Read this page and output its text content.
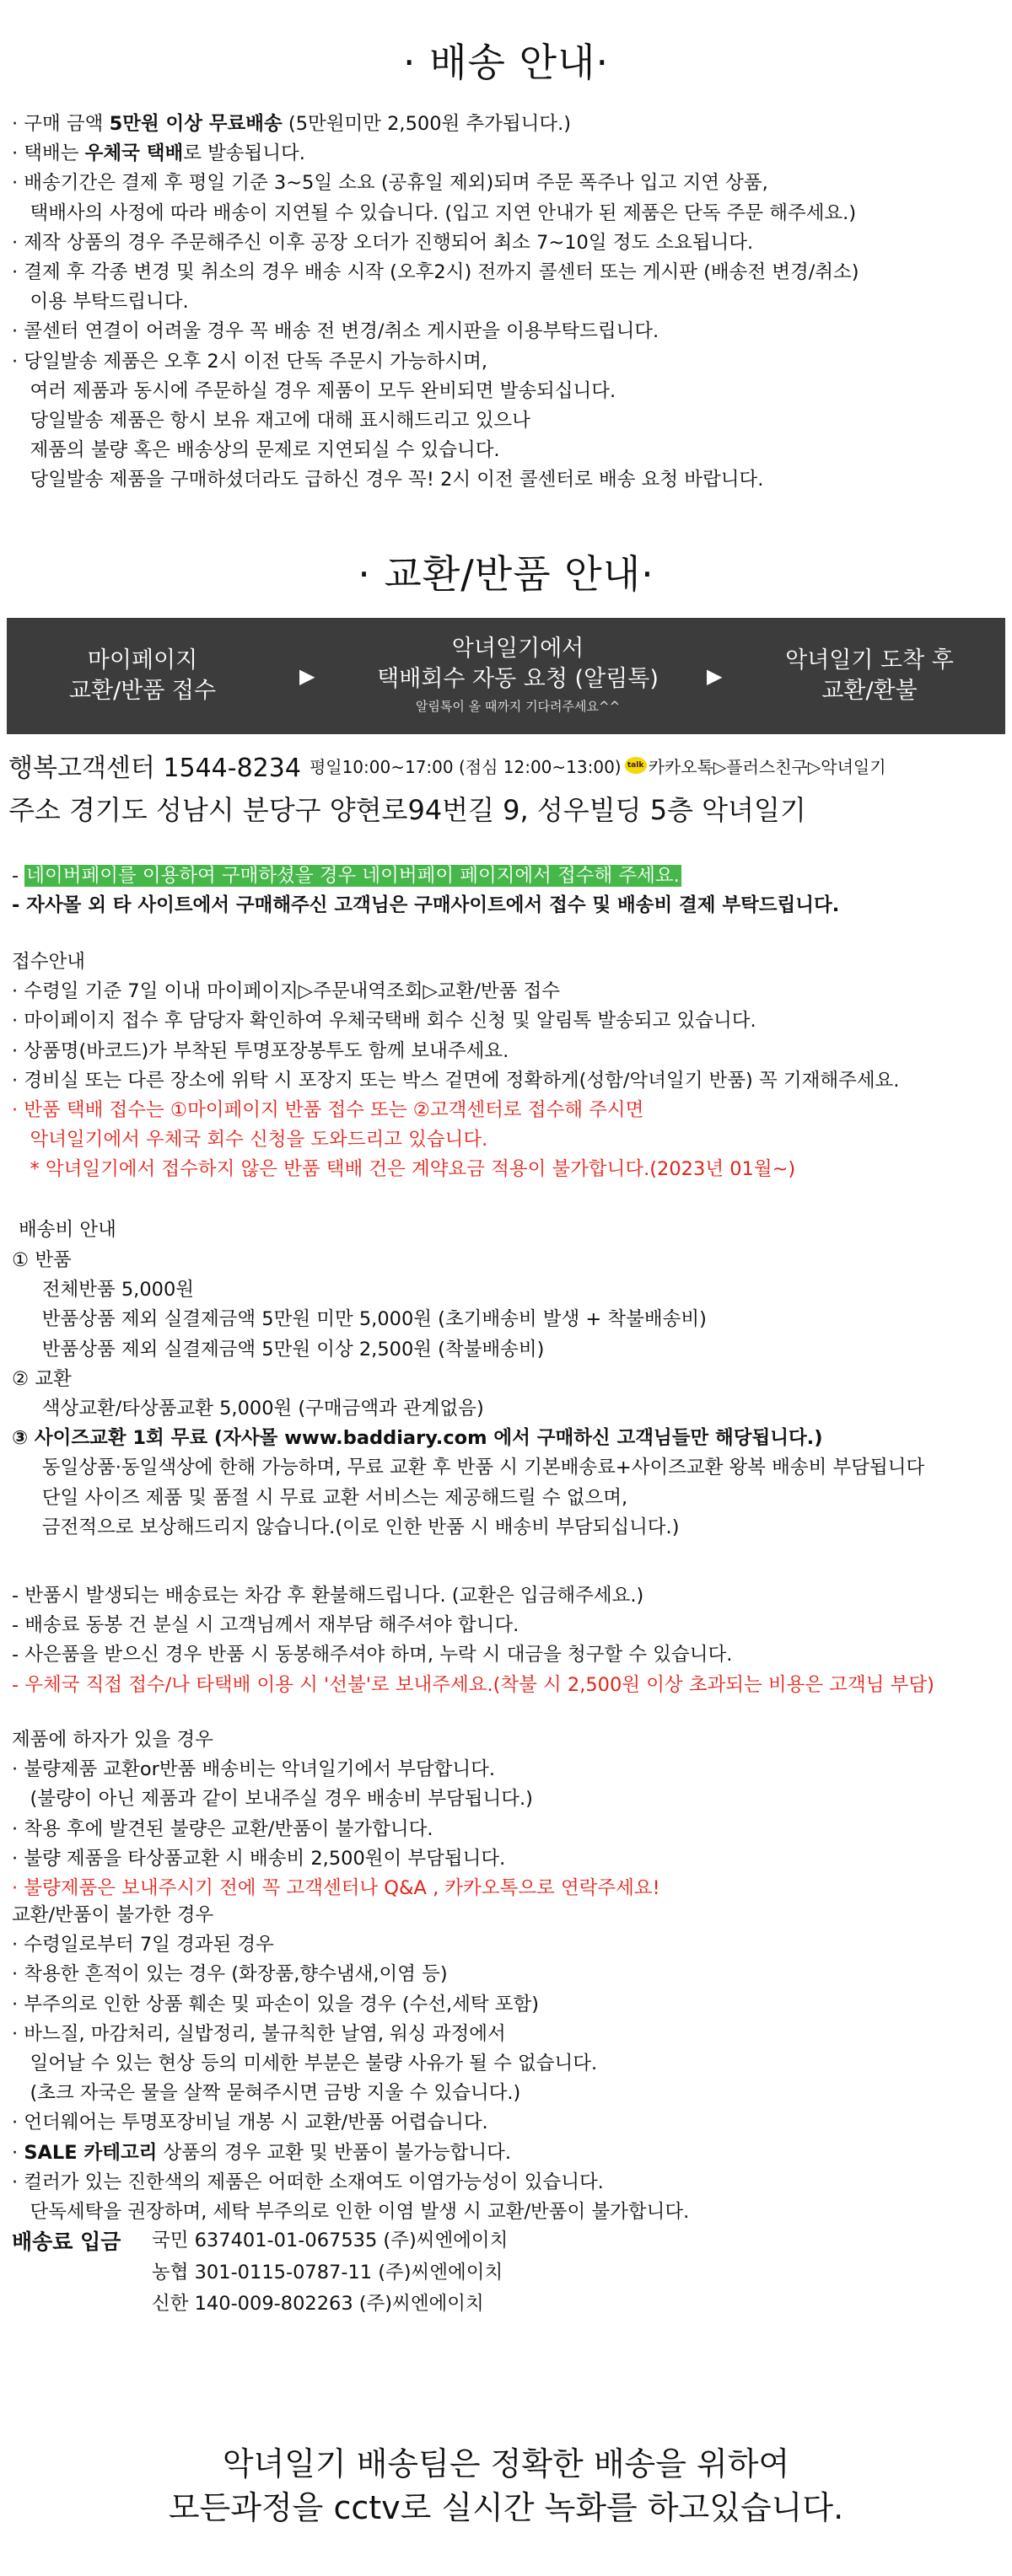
· 배송 안내·
· 구매 금액 5만원 이상 무료배송 (5만원미만 2,500원 추가됩니다.)
· 택배는 우체국 택배로 발송됩니다.
· 배송기간은 결제 후 평일 기준 3~5일 소요 (공휴일 제외)되며 주문 폭주나 입고 지연 상품,
택배사의 사정에 따라 배송이 지연될 수 있습니다. (입고 지연 안내가 된 제품은 단독 주문 해주세요.)
· 제작 상품의 경우 주문해주신 이후 공장 오더가 진행되어 최소 7~10일 정도 소요됩니다.
· 결제 후 각종 변경 및 취소의 경우 배송 시작 (오후2시) 전까지 콜센터 또는 게시판 (배송전 변경/취소)
이용 부탁드립니다.
· 콜센터 연결이 어려울 경우 꼭 배송 전 변경/취소 게시판을 이용부탁드립니다.
· 당일발송 제품은 오후 2시 이전 단독 주문시 가능하시며,
여러 제품과 동시에 주문하실 경우 제품이 모두 완비되면 발송되십니다.
당일발송 제품은 항시 보유 재고에 대해 표시해드리고 있으나
제품의 불량 혹은 배송상의 문제로 지연되실 수 있습니다.
당일발송 제품을 구매하셨더라도 급하신 경우 꼭! 2시 이전 콜센터로 배송 요청 바랍니다.
· 교환/반품 안내·
마이페이지
교환/반품 접수
▶
악녀일기에서
택배회수 자동 요청 (알림톡)
알림톡이 올 때까지 기다려주세요^^
▶
악녀일기 도착 후
교환/환불
행복고객센터 1544-8234 평일10:00~17:00 (점심 12:00~13:00) talk 카카오톡▷플러스친구▷악녀일기
주소 경기도 성남시 분당구 양현로94번길 9, 성우빌딩 5층 악녀일기
- 네이버페이를 이용하여 구매하셨을 경우 네이버페이 페이지에서 접수해 주세요.
- 자사몰 외 타 사이트에서 구매해주신 고객님은 구매사이트에서 접수 및 배송비 결제 부탁드립니다.
접수안내
· 수령일 기준 7일 이내 마이페이지▷주문내역조회▷교환/반품 접수
· 마이페이지 접수 후 담당자 확인하여 우체국택배 회수 신청 및 알림톡 발송되고 있습니다.
· 상품명(바코드)가 부착된 투명포장봉투도 함께 보내주세요.
· 경비실 또는 다른 장소에 위탁 시 포장지 또는 박스 겉면에 정확하게(성함/악녀일기 반품) 꼭 기재해주세요.
· 반품 택배 접수는 ①마이페이지 반품 접수 또는 ②고객센터로 접수해 주시면
악녀일기에서 우체국 회수 신청을 도와드리고 있습니다.
* 악녀일기에서 접수하지 않은 반품 택배 건은 계약요금 적용이 불가합니다.(2023년 01월~)
배송비 안내
① 반품
전체반품 5,000원
반품상품 제외 실결제금액 5만원 미만 5,000원 (초기배송비 발생 + 착불배송비)
반품상품 제외 실결제금액 5만원 이상 2,500원 (착불배송비)
② 교환
색상교환/타상품교환 5,000원 (구매금액과 관계없음)
③ 사이즈교환 1회 무료 (자사몰 www.baddiary.com 에서 구매하신 고객님들만 해당됩니다.)
동일상품·동일색상에 한해 가능하며, 무료 교환 후 반품 시 기본배송료+사이즈교환 왕복 배송비 부담됩니다
단일 사이즈 제품 및 품절 시 무료 교환 서비스는 제공해드릴 수 없으며,
금전적으로 보상해드리지 않습니다.(이로 인한 반품 시 배송비 부담되십니다.)
- 반품시 발생되는 배송료는 차감 후 환불해드립니다. (교환은 입금해주세요.)
- 배송료 동봉 건 분실 시 고객님께서 재부담 해주셔야 합니다.
- 사은품을 받으신 경우 반품 시 동봉해주셔야 하며, 누락 시 대금을 청구할 수 있습니다.
- 우체국 직접 접수/나 타택배 이용 시 '선불'로 보내주세요.(착불 시 2,500원 이상 초과되는 비용은 고객님 부담)
제품에 하자가 있을 경우
· 불량제품 교환or반품 배송비는 악녀일기에서 부담합니다.
(불량이 아닌 제품과 같이 보내주실 경우 배송비 부담됩니다.)
· 착용 후에 발견된 불량은 교환/반품이 불가합니다.
· 불량 제품을 타상품교환 시 배송비 2,500원이 부담됩니다.
· 불량제품은 보내주시기 전에 꼭 고객센터나 Q&A , 카카오톡으로 연락주세요!
교환/반품이 불가한 경우
· 수령일로부터 7일 경과된 경우
· 착용한 흔적이 있는 경우 (화장품,향수냄새,이염 등)
· 부주의로 인한 상품 훼손 및 파손이 있을 경우 (수선,세탁 포함)
· 바느질, 마감처리, 실밥정리, 불규칙한 날염, 워싱 과정에서
일어날 수 있는 현상 등의 미세한 부분은 불량 사유가 될 수 없습니다.
(초크 자국은 물을 살짝 묻혀주시면 금방 지울 수 있습니다.)
· 언더웨어는 투명포장비닐 개봉 시 교환/반품 어렵습니다.
· SALE 카테고리 상품의 경우 교환 및 반품이 불가능합니다.
· 컬러가 있는 진한색의 제품은 어떠한 소재여도 이염가능성이 있습니다.
단독세탁을 권장하며, 세탁 부주의로 인한 이염 발생 시 교환/반품이 불가합니다.
배송료 입금 국민 637401-01-067535 (주)씨엔에이치
농협 301-0115-0787-11 (주)씨엔에이치
신한 140-009-802263 (주)씨엔에이치
악녀일기 배송팀은 정확한 배송을 위하여
모든과정을 cctv로 실시간 녹화를 하고있습니다.
